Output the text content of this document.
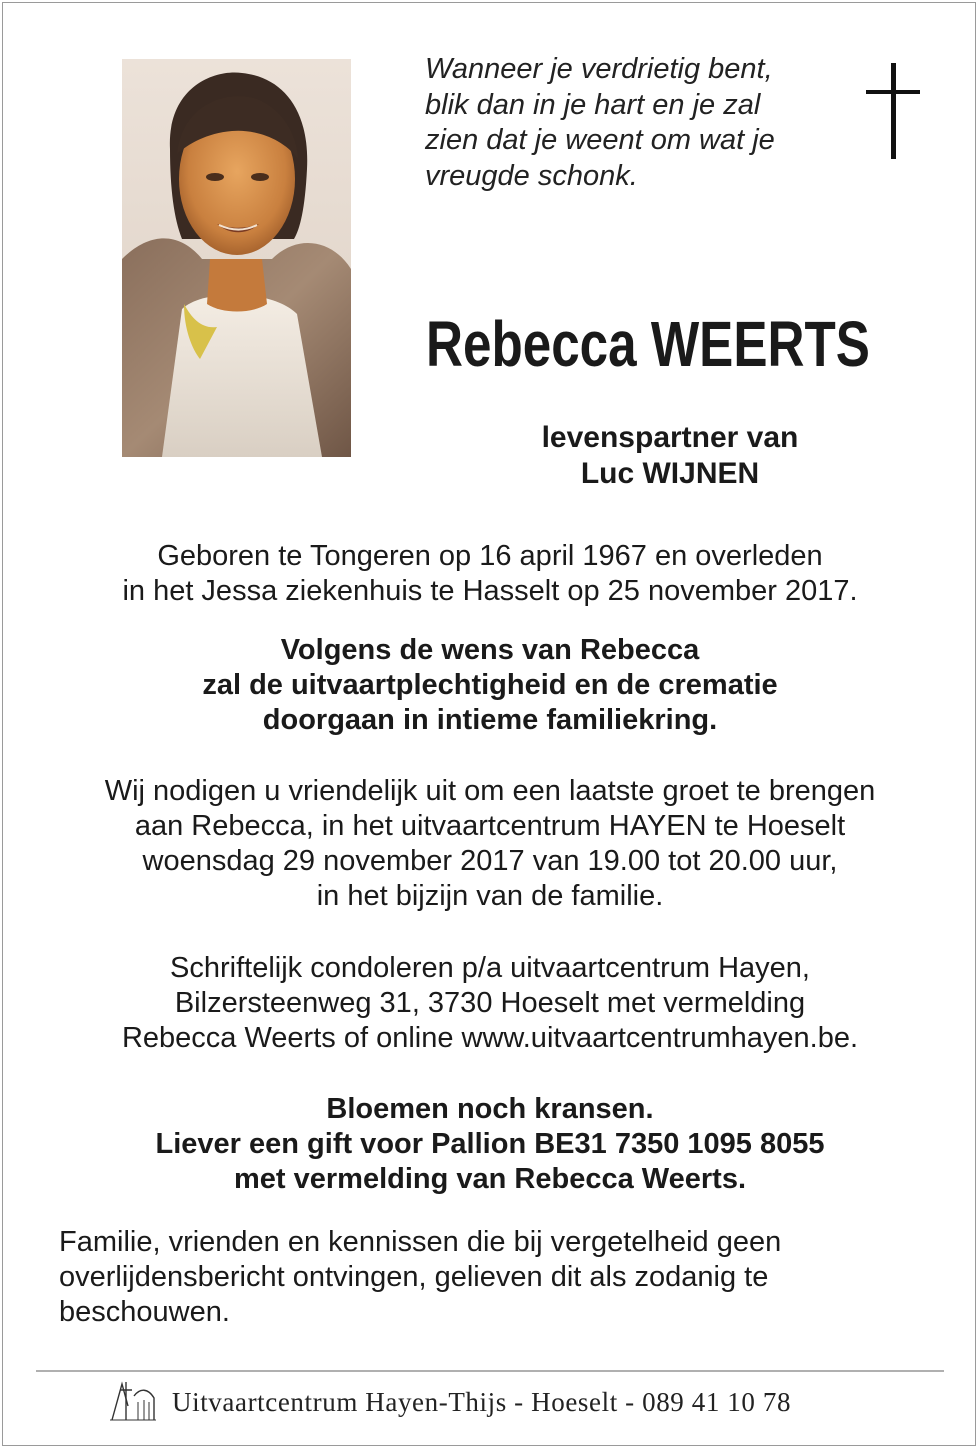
Wanneer je verdrietig bent,
blik dan in je hart en je zal
zien dat je weent om wat je
vreugde schonk.
Rebecca WEERTS
levenspartner van
Luc WIJNEN
Geboren te Tongeren op 16 april 1967 en overleden
in het Jessa ziekenhuis te Hasselt op 25 november 2017.
Volgens de wens van Rebecca
zal de uitvaartplechtigheid en de crematie
doorgaan in intieme familiekring.
Wij nodigen u vriendelijk uit om een laatste groet te brengen
aan Rebecca, in het uitvaartcentrum HAYEN te Hoeselt
woensdag 29 november 2017 van 19.00 tot 20.00 uur,
in het bijzijn van de familie.
Schriftelijk condoleren p/a uitvaartcentrum Hayen,
Bilzersteenweg 31, 3730 Hoeselt met vermelding
Rebecca Weerts of online www.uitvaartcentrumhayen.be.
Bloemen noch kransen.
Liever een gift voor Pallion BE31 7350 1095 8055
met vermelding van Rebecca Weerts.
Familie, vrienden en kennissen die bij vergetelheid geen
overlijdensbericht ontvingen, gelieven dit als zodanig te
beschouwen.
Uitvaartcentrum Hayen-Thijs - Hoeselt - 089 41 10 78
